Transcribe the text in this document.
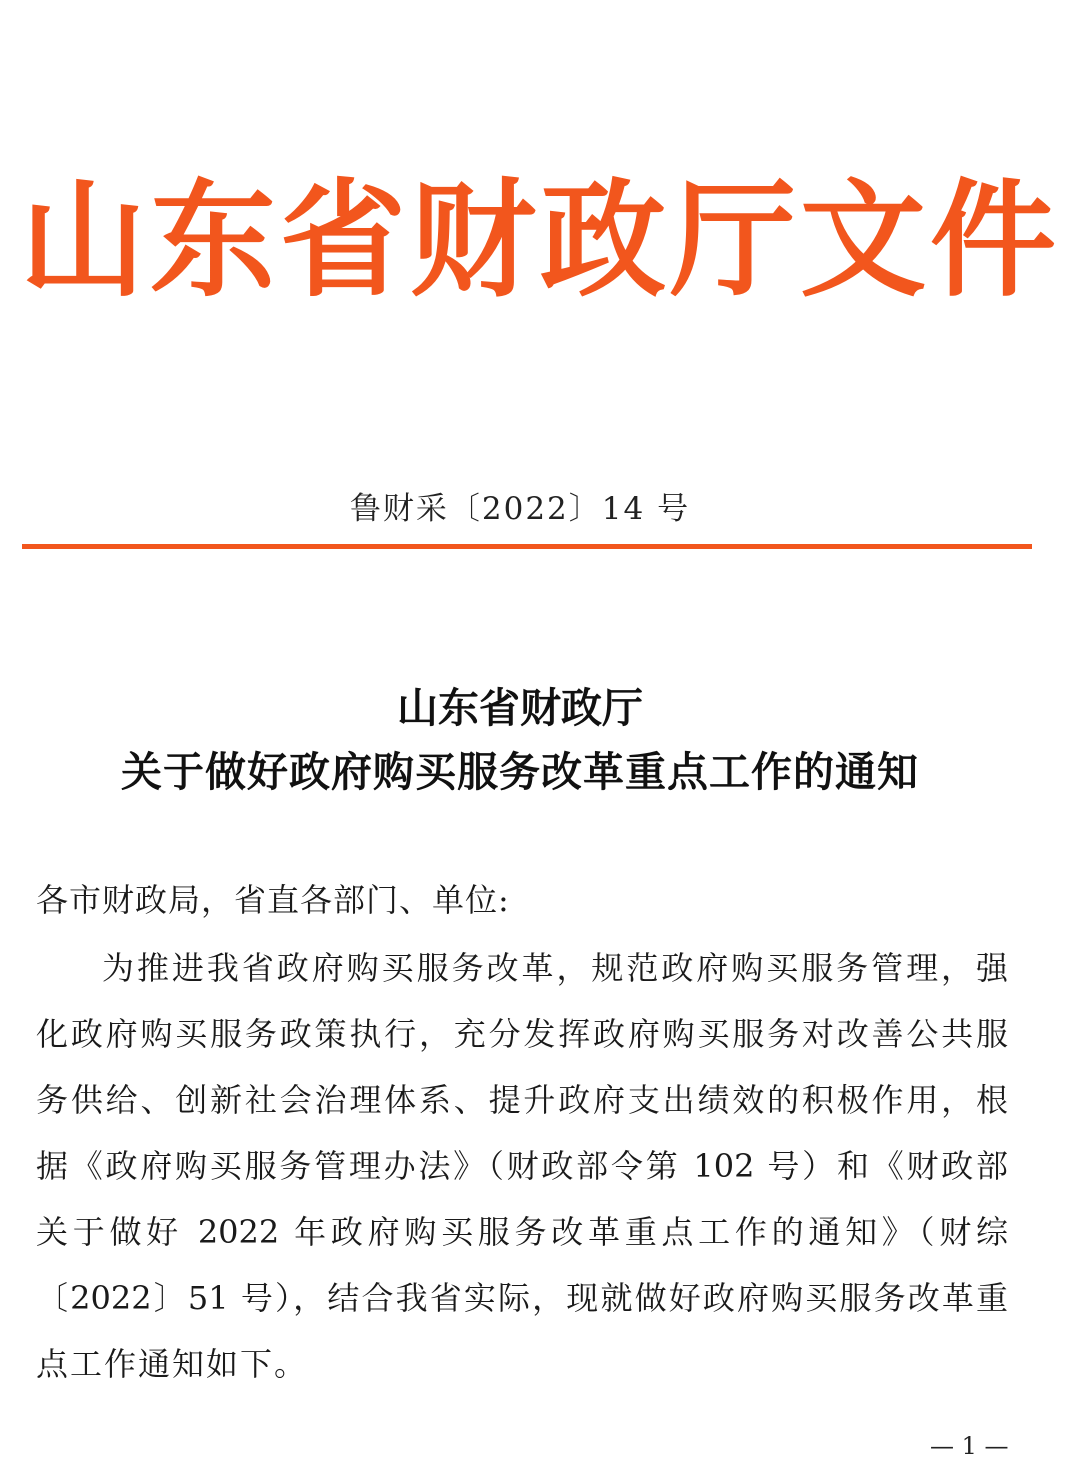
山东省财政厅文件
鲁财采〔2022〕14 号
山东省财政厅
关于做好政府购买服务改革重点工作的通知
各市财政局，省直各部门、单位:
为推进我省政府购买服务改革，规范政府购买服务管理，强
化政府购买服务政策执行，充分发挥政府购买服务对改善公共服
务供给、创新社会治理体系、提升政府支出绩效的积极作用，根
据《政府购买服务管理办法》（财政部令第 102 号）和《财政部
关于做好 2022 年政府购买服务改革重点工作的通知》（财综
〔2022〕51 号），结合我省实际，现就做好政府购买服务改革重
点工作通知如下。
— 1 —
